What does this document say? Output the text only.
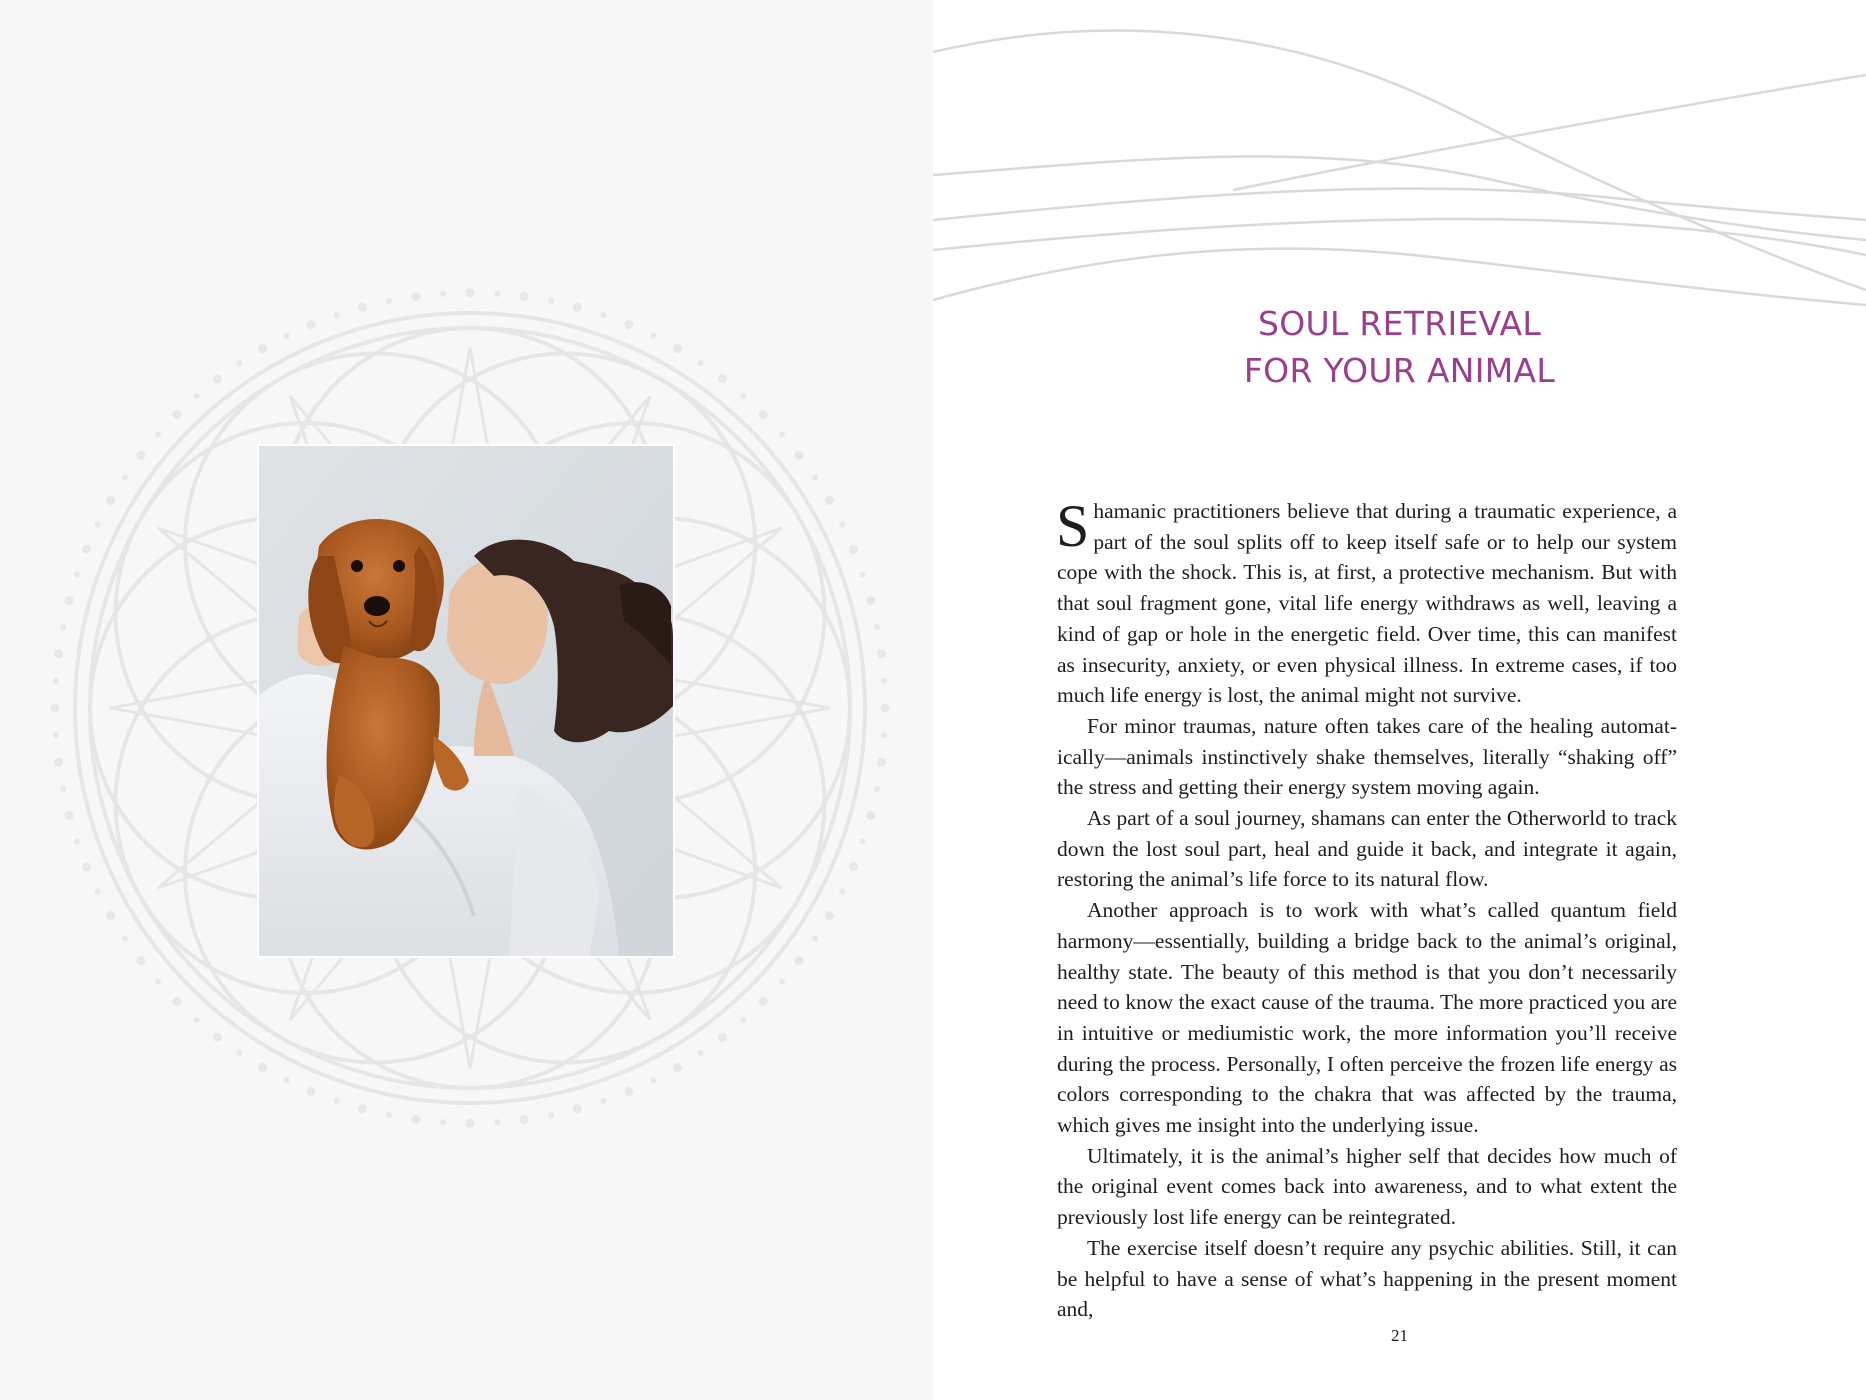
SOUL RETRIEVAL
FOR YOUR ANIMAL

Shamanic practitioners believe that during a traumatic experience, a part of the soul splits off to keep itself safe or to help our system cope with the shock. This is, at first, a protective mechanism. But with that soul fragment gone, vital life energy withdraws as well, leaving a kind of gap or hole in the energetic field. Over time, this can manifest as insecurity, anxiety, or even physical illness. In extreme cases, if too much life energy is lost, the animal might not survive.

For minor traumas, nature often takes care of the healing automatically—animals instinctively shake themselves, literally “shaking off” the stress and getting their energy system moving again.

As part of a soul journey, shamans can enter the Otherworld to track down the lost soul part, heal and guide it back, and integrate it again, restoring the animal’s life force to its natural flow.

Another approach is to work with what’s called quantum field harmony—essentially, building a bridge back to the animal’s original, healthy state. The beauty of this method is that you don’t necessarily need to know the exact cause of the trauma. The more practiced you are in intuitive or mediumistic work, the more information you’ll receive during the process. Personally, I often perceive the frozen life energy as colors corresponding to the chakra that was affected by the trauma, which gives me insight into the underlying issue.

Ultimately, it is the animal’s higher self that decides how much of the original event comes back into awareness, and to what extent the previously lost life energy can be reintegrated.

The exercise itself doesn’t require any psychic abilities. Still, it can be helpful to have a sense of what’s happening in the present moment and,

21
